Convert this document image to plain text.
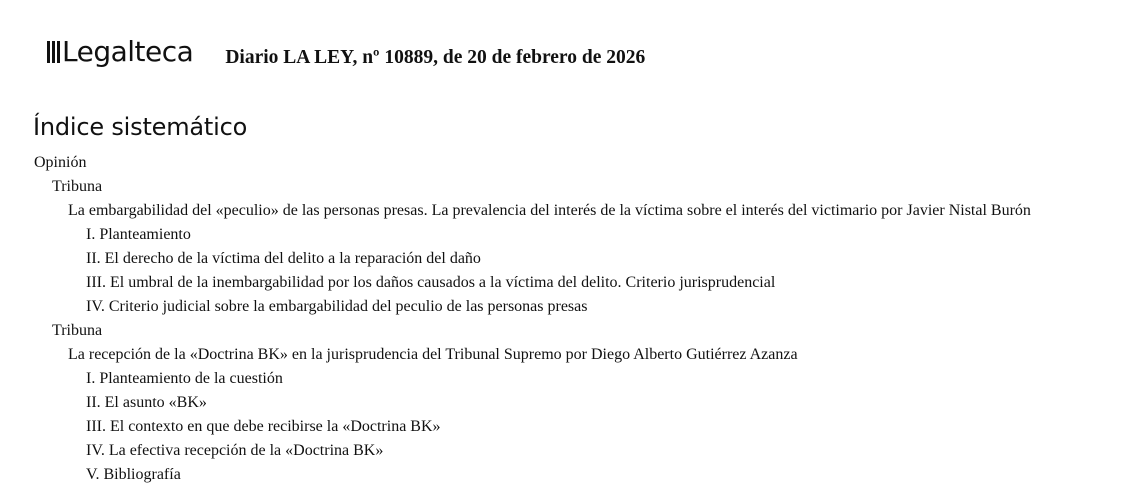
Legalteca Diario LA LEY, nº 10889, de 20 de febrero de 2026
Índice sistemático
Opinión
Tribuna
La embargabilidad del «peculio» de las personas presas. La prevalencia del interés de la víctima sobre el interés del victimario por Javier Nistal Burón
I. Planteamiento
II. El derecho de la víctima del delito a la reparación del daño
III. El umbral de la inembargabilidad por los daños causados a la víctima del delito. Criterio jurisprudencial
IV. Criterio judicial sobre la embargabilidad del peculio de las personas presas
Tribuna
La recepción de la «Doctrina BK» en la jurisprudencia del Tribunal Supremo por Diego Alberto Gutiérrez Azanza
I. Planteamiento de la cuestión
II. El asunto «BK»
III. El contexto en que debe recibirse la «Doctrina BK»
IV. La efectiva recepción de la «Doctrina BK»
V. Bibliografía
